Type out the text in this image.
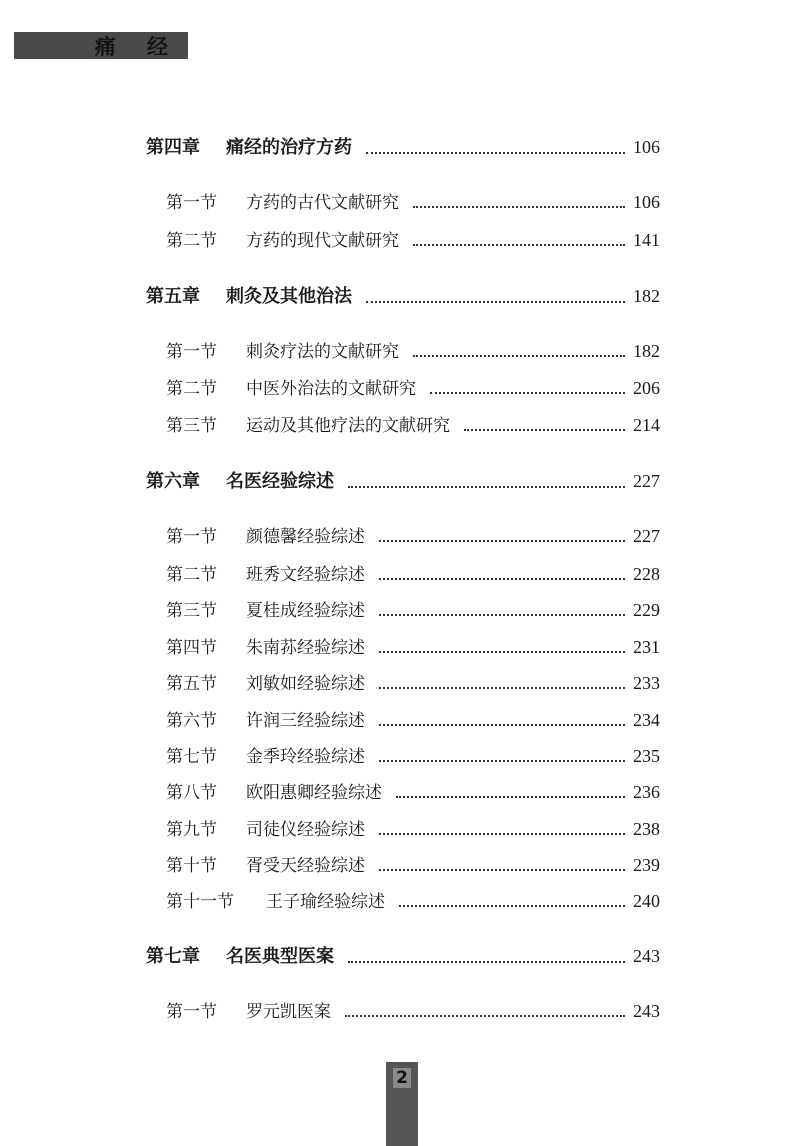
痛 经
第四章	痛经的治疗方药	106
第一节	方药的古代文献研究	106
第二节	方药的现代文献研究	141
第五章	刺灸及其他治法	182
第一节	刺灸疗法的文献研究	182
第二节	中医外治法的文献研究	206
第三节	运动及其他疗法的文献研究	214
第六章	名医经验综述	227
第一节	颜德馨经验综述	227
第二节	班秀文经验综述	228
第三节	夏桂成经验综述	229
第四节	朱南荪经验综述	231
第五节	刘敏如经验综述	233
第六节	许润三经验综述	234
第七节	金季玲经验综述	235
第八节	欧阳惠卿经验综述	236
第九节	司徒仪经验综述	238
第十节	胥受天经验综述	239
第十一节	王子瑜经验综述	240
第七章	名医典型医案	243
第一节	罗元凯医案	243
2
